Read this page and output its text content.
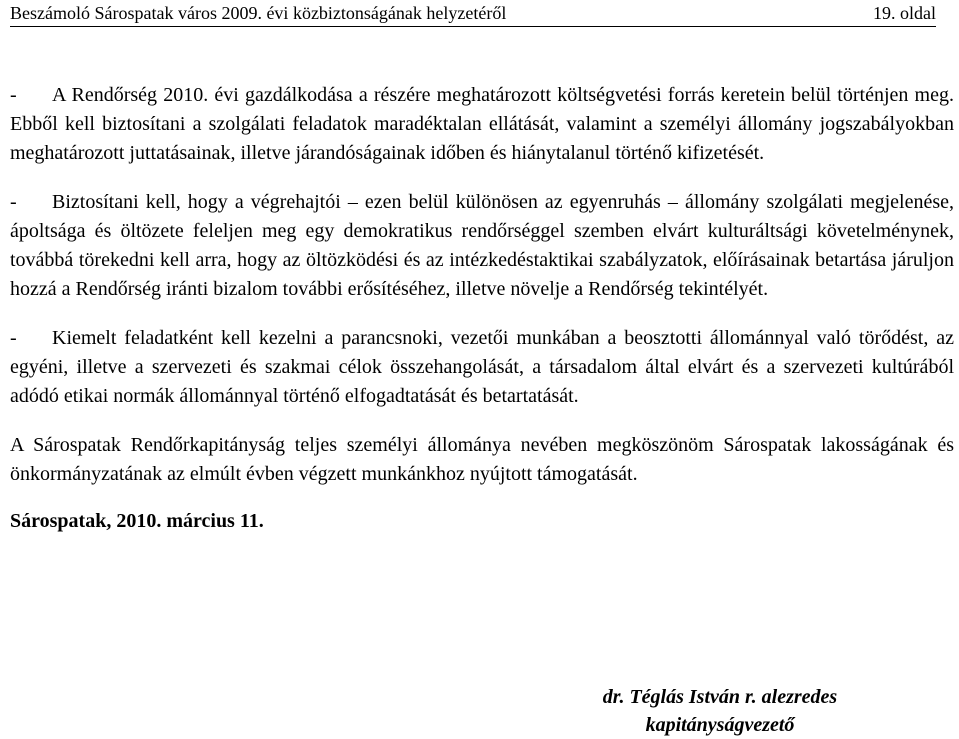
Beszámoló Sárospatak város 2009. évi közbiztonságának helyzetéről	19. oldal

- A Rendőrség 2010. évi gazdálkodása a részére meghatározott költségvetési forrás keretein belül történjen meg. Ebből kell biztosítani a szolgálati feladatok maradéktalan ellátását, valamint a személyi állomány jogszabályokban meghatározott juttatásainak, illetve járandóságainak időben és hiánytalanul történő kifizetését.

- Biztosítani kell, hogy a végrehajtói – ezen belül különösen az egyenruhás – állomány szolgálati megjelenése, ápoltsága és öltözete feleljen meg egy demokratikus rendőrséggel szemben elvárt kulturáltsági követelménynek, továbbá törekedni kell arra, hogy az öltözködési és az intézkedéstaktikai szabályzatok, előírásainak betartása járuljon hozzá a Rendőrség iránti bizalom további erősítéséhez, illetve növelje a Rendőrség tekintélyét.

- Kiemelt feladatként kell kezelni a parancsnoki, vezetői munkában a beosztotti állománnyal való törődést, az egyéni, illetve a szervezeti és szakmai célok összehangolását, a társadalom által elvárt és a szervezeti kultúrából adódó etikai normák állománnyal történő elfogadtatását és betartatását.

A Sárospatak Rendőrkapitányság teljes személyi állománya nevében megköszönöm Sárospatak lakosságának és önkormányzatának az elmúlt évben végzett munkánkhoz nyújtott támogatását.

Sárospatak, 2010. március 11.
dr. Téglás István r. alezredes
kapitányságvezető
